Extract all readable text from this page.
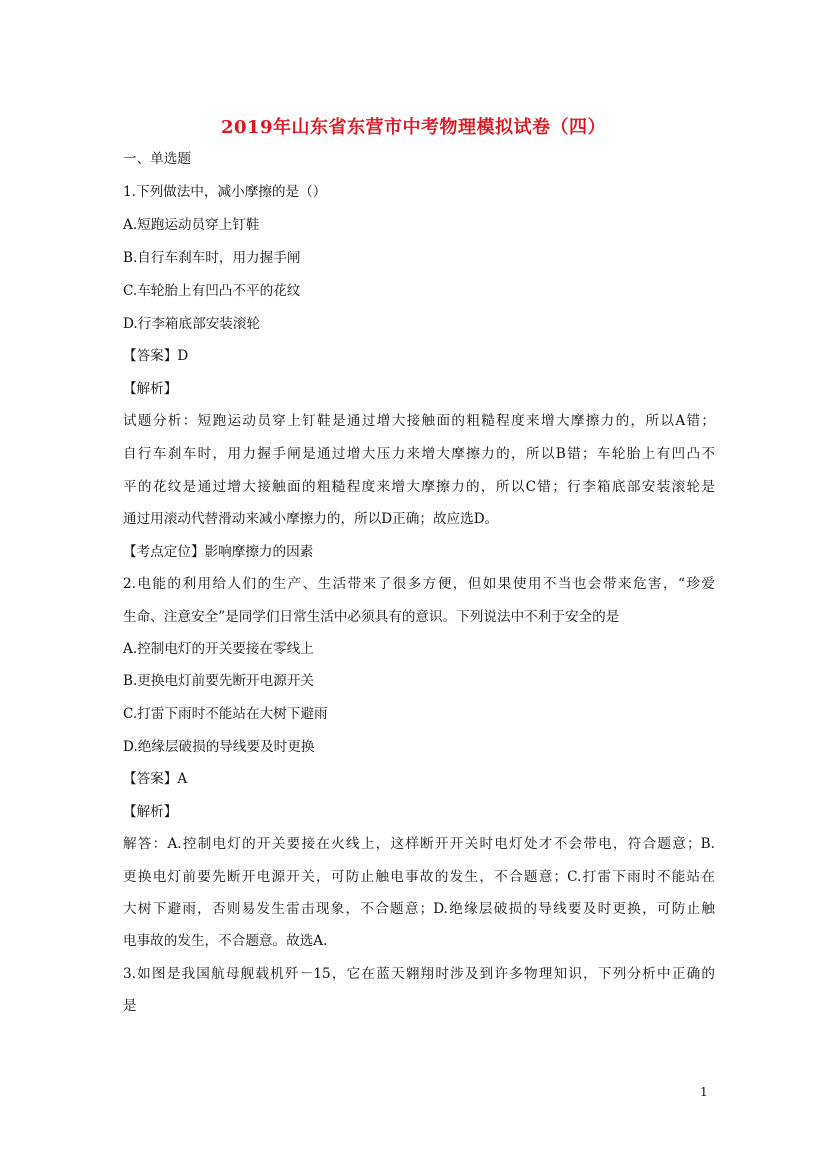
2019年山东省东营市中考物理模拟试卷（四）
一、单选题
1.下列做法中，减小摩擦的是（）
A.短跑运动员穿上钉鞋
B.自行车刹车时，用力握手闸
C.车轮胎上有凹凸不平的花纹
D.行李箱底部安装滚轮
【答案】D
【解析】
试题分析：短跑运动员穿上钉鞋是通过增大接触面的粗糙程度来增大摩擦力的，所以A错；
自行车刹车时，用力握手闸是通过增大压力来增大摩擦力的，所以B错；车轮胎上有凹凸不
平的花纹是通过增大接触面的粗糙程度来增大摩擦力的，所以C错；行李箱底部安装滚轮是
通过用滚动代替滑动来减小摩擦力的，所以D正确；故应选D。
【考点定位】影响摩擦力的因素
2.电能的利用给人们的生产、生活带来了很多方便，但如果使用不当也会带来危害，“珍爱
生命、注意安全”是同学们日常生活中必须具有的意识。下列说法中不利于安全的是
A.控制电灯的开关要接在零线上
B.更换电灯前要先断开电源开关
C.打雷下雨时不能站在大树下避雨
D.绝缘层破损的导线要及时更换
【答案】A
【解析】
解答：A.控制电灯的开关要接在火线上，这样断开开关时电灯处才不会带电，符合题意；B.
更换电灯前要先断开电源开关，可防止触电事故的发生，不合题意；C.打雷下雨时不能站在
大树下避雨，否则易发生雷击现象，不合题意；D.绝缘层破损的导线要及时更换，可防止触
电事故的发生，不合题意。故选A.
3.如图是我国航母舰载机歼－15，它在蓝天翱翔时涉及到许多物理知识，下列分析中正确的
是
1
